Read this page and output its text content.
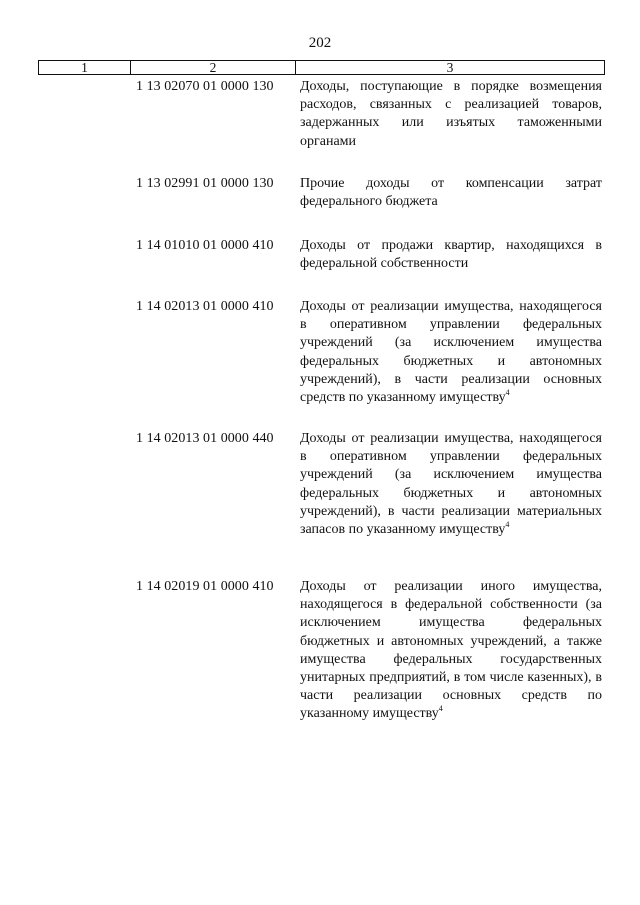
202
1	2	3
1 13 02070 01 0000 130 Доходы, поступающие в порядке возмещения расходов, связанных с реализацией товаров, задержанных или изъятых таможенными органами
1 13 02991 01 0000 130 Прочие доходы от компенсации затрат федерального бюджета
1 14 01010 01 0000 410 Доходы от продажи квартир, находящихся в федеральной собственности
1 14 02013 01 0000 410 Доходы от реализации имущества, находящегося в оперативном управлении федеральных учреждений (за исключением имущества федеральных бюджетных и автономных учреждений), в части реализации основных средств по указанному имуществу$^4$
1 14 02013 01 0000 440 Доходы от реализации имущества, находящегося в оперативном управлении федеральных учреждений (за исключением имущества федеральных бюджетных и автономных учреждений), в части реализации материальных запасов по указанному имуществу$^4$
1 14 02019 01 0000 410 Доходы от реализации иного имущества, находящегося в федеральной собственности (за исключением имущества федеральных бюджетных и автономных учреждений, а также имущества федеральных государственных унитарных предприятий, в том числе казенных), в части реализации основных средств по указанному имуществу$^4$
